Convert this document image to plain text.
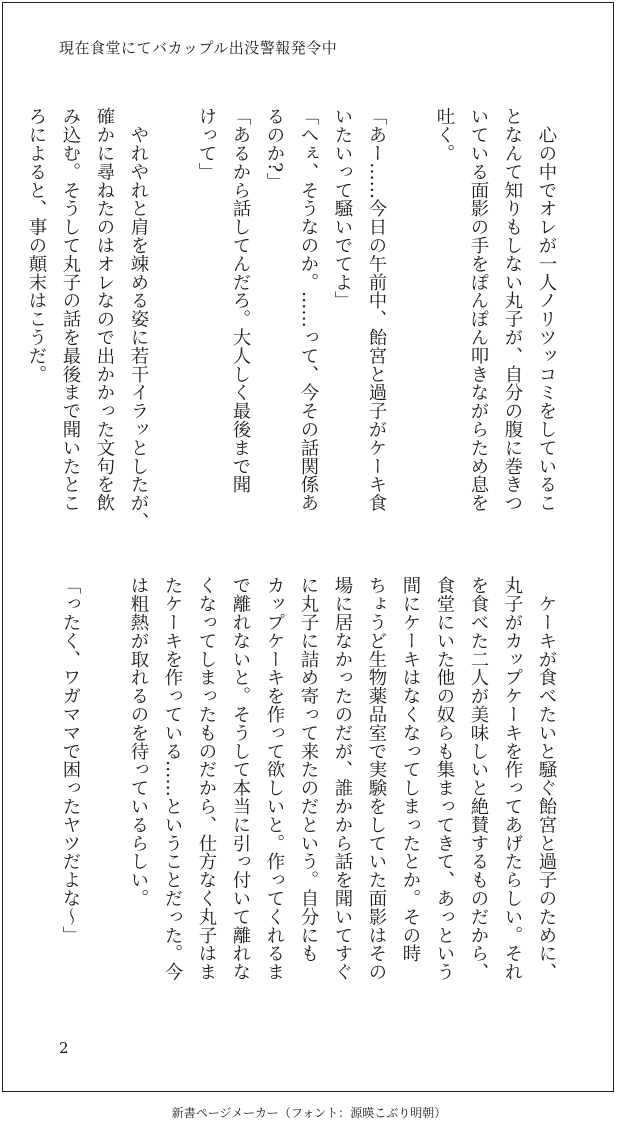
現在食堂にてバカップル出没警報発令中
　心の中でオレが一人ノリツッコミをしているこ
となんて知りもしない丸子が、自分の腹に巻きつ
いている面影の手をぽんぽん叩きながらため息を
吐く。

「あー……今日の午前中、飴宮と過子がケーキ食
いたいって騒いでてよ」
「へぇ、そうなのか。……って、今その話関係あ
るのか?」
「あるから話してんだろ。大人しく最後まで聞
けって」

　やれやれと肩を竦める姿に若干イラッとしたが、
確かに尋ねたのはオレなので出かかった文句を飲
み込む。そうして丸子の話を最後まで聞いたとこ
ろによると、事の顛末はこうだ。
　ケーキが食べたいと騒ぐ飴宮と過子のために、
丸子がカップケーキを作ってあげたらしい。それ
を食べた二人が美味しいと絶賛するものだから、
食堂にいた他の奴らも集まってきて、あっという
間にケーキはなくなってしまったとか。その時
ちょうど生物薬品室で実験をしていた面影はその
場に居なかったのだが、誰かから話を聞いてすぐ
に丸子に詰め寄って来たのだという。自分にも
カップケーキを作って欲しいと。作ってくれるま
で離れないと。そうして本当に引っ付いて離れな
くなってしまったものだから、仕方なく丸子はま
たケーキを作っている……ということだった。今
は粗熱が取れるのを待っているらしい。

「ったく、ワガママで困ったヤツだよな〜」
2
新書ページメーカー（フォント：源暎こぶり明朝）
